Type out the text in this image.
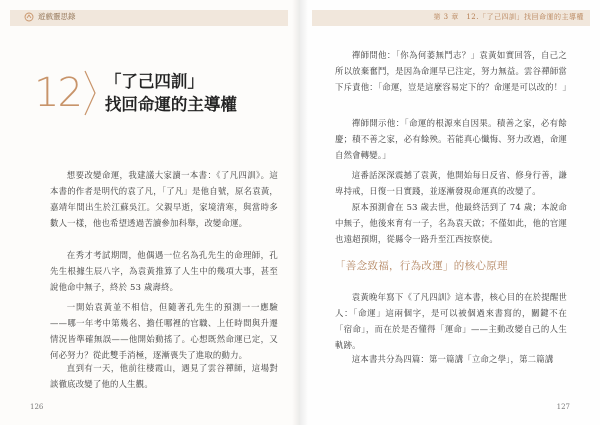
遊戲靈思錄	第 3 章　12.「了己四訓」找回命運的主導權
12 「了己四訓」
找回命運的主導權

想要改變命運，我建議大家讀一本書：《了凡四訓》。這本書的作者是明代的袁了凡，「了凡」是他自號，原名袁黃，嘉靖年間出生於江蘇吳江。父親早逝，家境清寒，與當時多數人一樣，他也希望透過苦讀參加科舉，改變命運。

在秀才考試期間，他偶遇一位名為孔先生的命理師，孔先生根據生辰八字，為袁黃推算了人生中的幾項大事，甚至說他命中無子，終於 53 歲壽終。

一開始袁黃並不相信，但隨著孔先生的預測一一應驗——哪一年考中第幾名、擔任哪裡的官職、上任時間與升遷情況皆準確無誤——他開始動搖了。心想既然命運已定，又何必努力？從此雙手消極，逐漸喪失了進取的動力。

直到有一天，他前往棲霞山，遇見了雲谷禪師，這場對談徹底改變了他的人生觀。

126

禪師問他：「你為何萎無鬥志？」袁黃如實回答，自己之所以放棄奮鬥，是因為命運早已注定，努力無益。雲谷禪師當下斥責他：「命運，豈是這麼容易定下的？命運是可以改的！」

禪師開示他：「命運的根源來自因果。積善之家，必有餘慶；積不善之家，必有餘殃。若能真心懺悔、努力改過，命運自然會轉變。」

這番話深深震撼了袁黃，他開始每日反省、修身行善，謙卑持戒，日復一日實踐，並逐漸發現命運真的改變了。

原本預測會在 53 歲去世，他最終活到了 74 歲；本說命中無子，他後來育有一子，名為袁天啟；不僅如此，他的官運也遠超預期，從縣令一路升至江西按察使。

「善念致福，行為改運」的核心原理

袁黃晚年寫下《了凡四訓》這本書，核心目的在於提醒世人：「命運」這兩個字，是可以被個過來書寫的，關鍵不在「宿命」，而在於是否懂得「運命」——主動改變自己的人生軌跡。

這本書共分為四篇：第一篇講「立命之學」，第二篇講

127
